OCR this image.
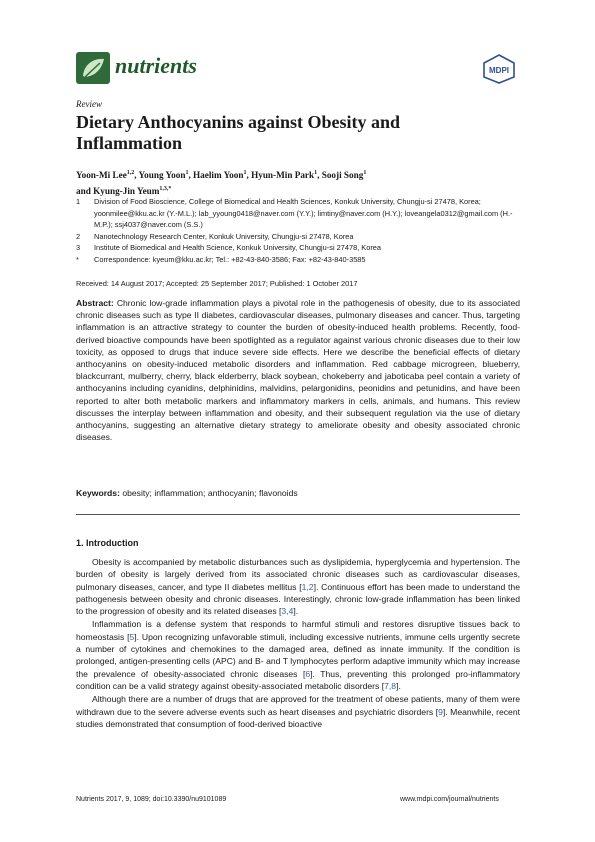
nutrients	MDPI
Review
Dietary Anthocyanins against Obesity and Inflammation
Yoon-Mi Lee$^{1,2}$, Young Yoon$^1$, Haelim Yoon$^1$, Hyun-Min Park$^1$, Sooji Song$^1$
and Kyung-Jin Yeum$^{1,3,*}$
1	Division of Food Bioscience, College of Biomedical and Health Sciences, Konkuk University, Chungju-si 27478, Korea; yoonmilee@kku.ac.kr (Y.-M.L.); lab_yyoung0418@naver.com (Y.Y.); limtiny@naver.com (H.Y.); loveangela0312@gmail.com (H.-M.P.); ssj4037@naver.com (S.S.)
2	Nanotechnology Research Center, Konkuk University, Chungju-si 27478, Korea
3	Institute of Biomedical and Health Science, Konkuk University, Chungju-si 27478, Korea
*	Correspondence: kyeum@kku.ac.kr; Tel.: +82-43-840-3586; Fax: +82-43-840-3585
Received: 14 August 2017; Accepted: 25 September 2017; Published: 1 October 2017
Abstract: Chronic low-grade inflammation plays a pivotal role in the pathogenesis of obesity, due to its associated chronic diseases such as type II diabetes, cardiovascular diseases, pulmonary diseases and cancer. Thus, targeting inflammation is an attractive strategy to counter the burden of obesity-induced health problems. Recently, food-derived bioactive compounds have been spotlighted as a regulator against various chronic diseases due to their low toxicity, as opposed to drugs that induce severe side effects. Here we describe the beneficial effects of dietary anthocyanins on obesity-induced metabolic disorders and inflammation. Red cabbage microgreen, blueberry, blackcurrant, mulberry, cherry, black elderberry, black soybean, chokeberry and jaboticaba peel contain a variety of anthocyanins including cyanidins, delphinidins, malvidins, pelargonidins, peonidins and petunidins, and have been reported to alter both metabolic markers and inflammatory markers in cells, animals, and humans. This review discusses the interplay between inflammation and obesity, and their subsequent regulation via the use of dietary anthocyanins, suggesting an alternative dietary strategy to ameliorate obesity and obesity associated chronic diseases.
Keywords: obesity; inflammation; anthocyanin; flavonoids
1. Introduction

Obesity is accompanied by metabolic disturbances such as dyslipidemia, hyperglycemia and hypertension. The burden of obesity is largely derived from its associated chronic diseases such as cardiovascular diseases, pulmonary diseases, cancer, and type II diabetes mellitus [1,2]. Continuous effort has been made to understand the pathogenesis between obesity and chronic diseases. Interestingly, chronic low-grade inflammation has been linked to the progression of obesity and its related diseases [3,4].

Inflammation is a defense system that responds to harmful stimuli and restores disruptive tissues back to homeostasis [5]. Upon recognizing unfavorable stimuli, including excessive nutrients, immune cells urgently secrete a number of cytokines and chemokines to the damaged area, defined as innate immunity. If the condition is prolonged, antigen-presenting cells (APC) and B- and T lymphocytes perform adaptive immunity which may increase the prevalence of obesity-associated chronic diseases [6]. Thus, preventing this prolonged pro-inflammatory condition can be a valid strategy against obesity-associated metabolic disorders [7,8].

Although there are a number of drugs that are approved for the treatment of obese patients, many of them were withdrawn due to the severe adverse events such as heart diseases and psychiatric disorders [9]. Meanwhile, recent studies demonstrated that consumption of food-derived bioactive

Nutrients 2017, 9, 1089; doi:10.3390/nu9101089	www.mdpi.com/journal/nutrients
